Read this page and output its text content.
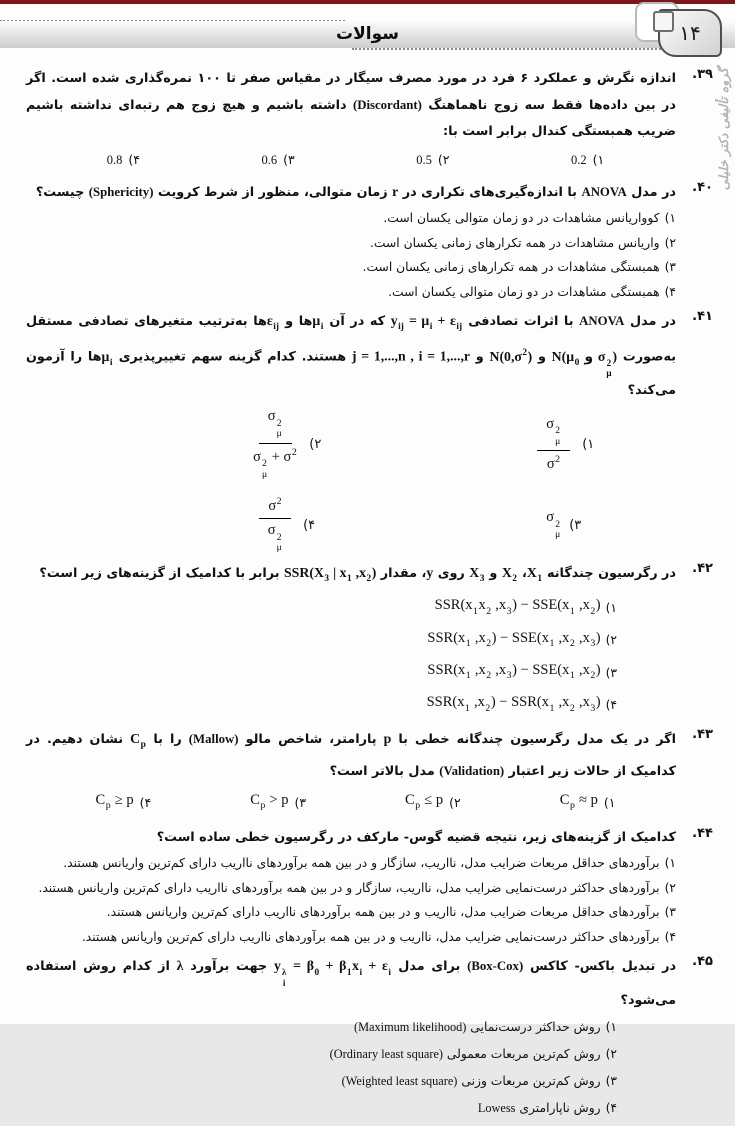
سوالات	۱۴
گروه تألیفی دکتر خلیلی
۳۹.
اندازه نگرش و عملکرد ۶ فرد در مورد مصرف سیگار در مقیاس صفر تا ۱۰۰ نمره‌گذاری شده است. اگر در بین داده‌ها فقط سه زوج ناهماهنگ (Discordant) داشته باشیم و هیچ زوج هم رتبه‌ای نداشته باشیم ضریب همبستگی کندال برابر است با:
۱)
0.2
۲)
0.5
۳)
0.6
۴)
0.8
۴۰.
در مدل ANOVA با اندازه‌گیری‌های تکراری در r زمان متوالی، منظور از شرط کرویت (Sphericity) چیست؟
۱)
کوواریانس مشاهدات در دو زمان متوالی یکسان است.
۲)
واریانس مشاهدات در همه تکرارهای زمانی یکسان است.
۳)
همبستگی مشاهدات در همه تکرارهای زمانی یکسان است.
۴)
همبستگی مشاهدات در دو زمان متوالی یکسان است.
۴۱.
در مدل ANOVA با اثرات تصادفی $y_{ij} = \mu_i + \varepsilon_{ij}$ که در آن $\mu_iها$ و $\varepsilon_{ij}ها$ به‌ترتیب متغیرهای تصادفی مستقل به‌صورت $N(\mu_0$ و σ 2
μ
) و $N(0,\sigma^2)$ و j = 1,...,n , i = 1,...,r هستند. کدام گزینه سهم تغییرپذیری $\mu_iها$ را آزمون می‌کند؟
۱)
σ 2
μ
$\sigma^2$
۲)
σ 2
μ
σ 2
μ
+ $\sigma^2$
۳)
σ 2
μ
۴)
$\sigma^2$
σ 2
μ
۴۲.
در رگرسیون چندگانه $X_1،$ $X_2$ و $X_3$ روی y، مقدار $SSR(X_3$ | $x_1$ $,x_2$) برابر با کدامیک از گزینه‌های زیر است؟
۱)
$SSR(x_1x_2$ $,x_3) - SSE(x_1$ $,x_2$)
۲)
$SSR(x_1$ $,x_2) - SSE(x_1$ $,x_2$ $,x_3$)
۳)
$SSR(x_1$ $,x_2$ $,x_3) - SSE(x_1$ $,x_2$)
۴)
$SSR(x_1$ $,x_2) - SSR(x_1$ $,x_2$ $,x_3$)
۴۳.
اگر در یک مدل رگرسیون چندگانه خطی با p پارامتر، شاخص مالو (Mallow) را با $C_p$ نشان دهیم. در کدامیک از حالات زیر اعتبار (Validation) مدل بالاتر است؟
۱)
$C_p \approx p$
۲)
$C_p \le p$
۳)
$C_p > p$
۴)
$C_p \ge p$
۴۴.
کدامیک از گزینه‌های زیر، نتیجه قضیه گوس- مارکف در رگرسیون خطی ساده است؟
۱)
برآوردهای حداقل مربعات ضرایب مدل، نااریب، سازگار و در بین همه برآوردهای نااریب دارای کم‌ترین واریانس هستند.
۲)
برآوردهای حداکثر درست‌نمایی ضرایب مدل، نااریب، سازگار و در بین همه برآوردهای نااریب دارای کم‌ترین واریانس هستند.
۳)
برآوردهای حداقل مربعات ضرایب مدل، نااریب و در بین همه برآوردهای نااریب دارای کم‌ترین واریانس هستند.
۴)
برآوردهای حداکثر درست‌نمایی ضرایب مدل، نااریب و در بین همه برآوردهای نااریب دارای کم‌ترین واریانس هستند.
۴۵.
در تبدیل باکس- کاکس (Box-Cox) برای مدل y λ
i
= $\beta_0 + \beta_1x_i + \varepsilon_i$ جهت برآورد λ از کدام روش استفاده می‌شود؟
۱)
روش حداکثر درست‌نمایی (Maximum likelihood)
۲)
روش کم‌ترین مربعات معمولی (Ordinary least square)
۳)
روش کم‌ترین مربعات وزنی (Weighted least square)
۴)
روش ناپارامتری Lowess
